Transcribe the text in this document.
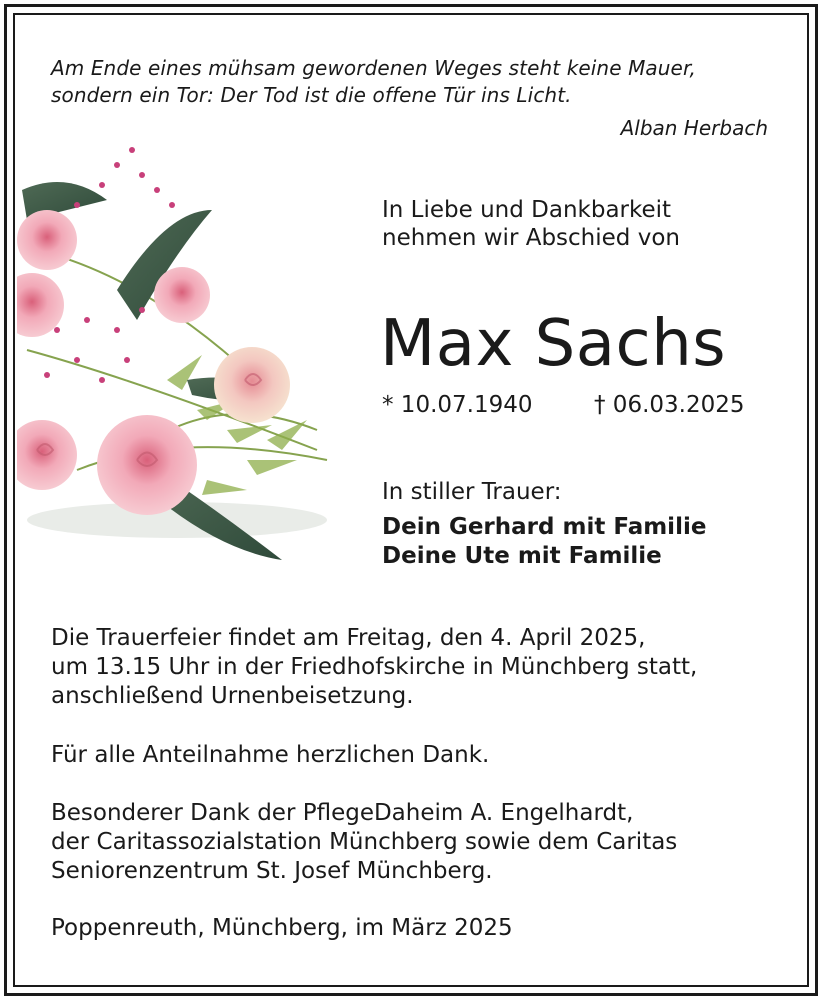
Am Ende eines mühsam gewordenen Weges steht keine Mauer,
sondern ein Tor: Der Tod ist die offene Tür ins Licht.
Alban Herbach
In Liebe und Dankbarkeit
nehmen wir Abschied von
Max Sachs
* 10.07.1940	† 06.03.2025
In stiller Trauer:
Dein Gerhard mit Familie
Deine Ute mit Familie
Die Trauerfeier findet am Freitag, den 4. April 2025,
um 13.15 Uhr in der Friedhofskirche in Münchberg statt,
anschließend Urnenbeisetzung.
Für alle Anteilnahme herzlichen Dank.
Besonderer Dank der PflegeDaheim A. Engelhardt,
der Caritassozialstation Münchberg sowie dem Caritas
Seniorenzentrum St. Josef Münchberg.
Poppenreuth, Münchberg, im März 2025
